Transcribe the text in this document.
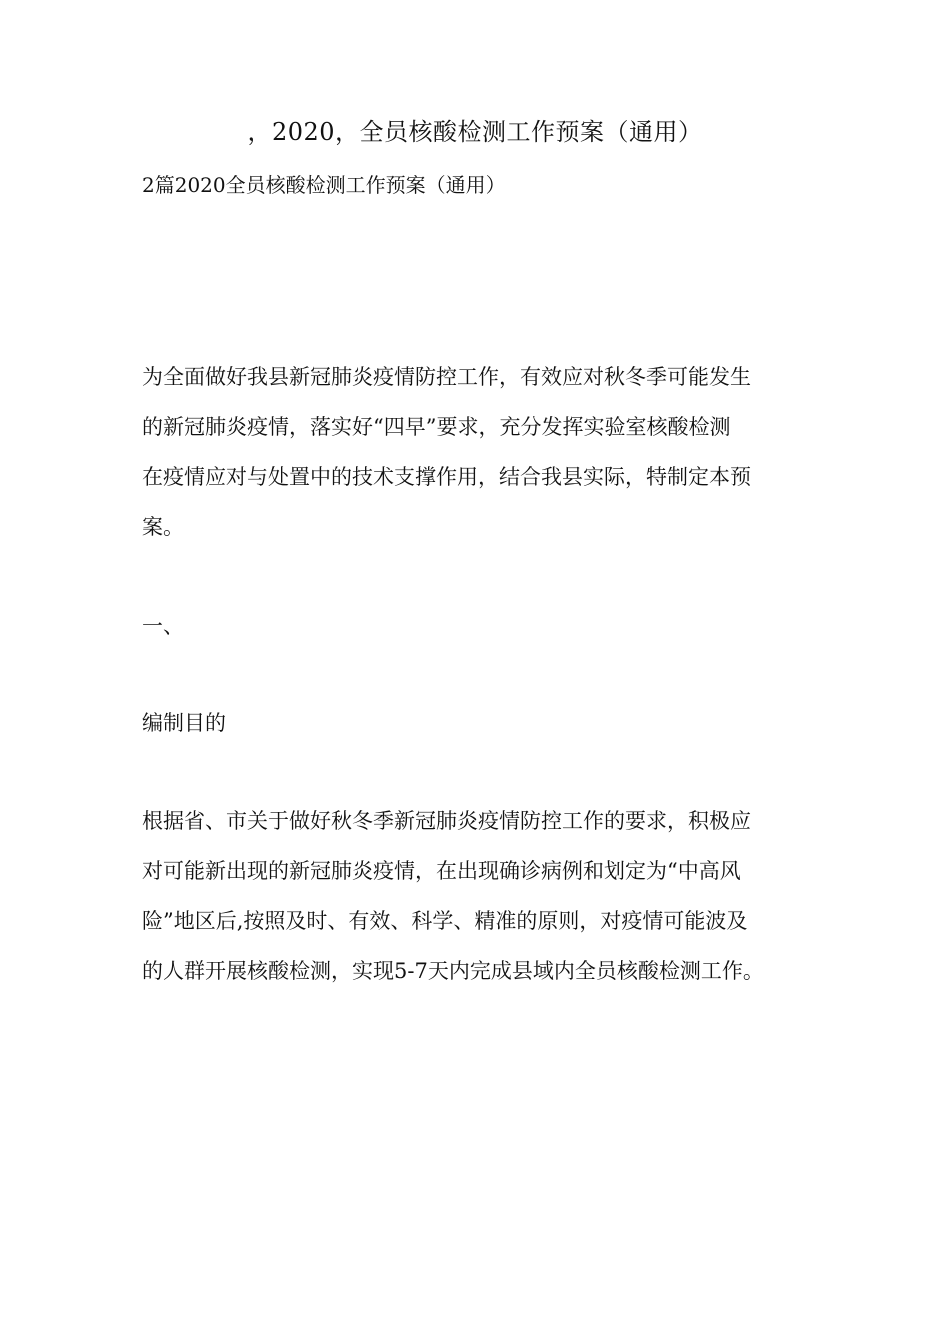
，2020，全员核酸检测工作预案（通用）
2篇2020全员核酸检测工作预案（通用）

为全面做好我县新冠肺炎疫情防控工作，有效应对秋冬季可能发生
的新冠肺炎疫情，落实好“四早”要求，充分发挥实验室核酸检测
在疫情应对与处置中的技术支撑作用，结合我县实际，特制定本预
案。

一、

编制目的

根据省、市关于做好秋冬季新冠肺炎疫情防控工作的要求，积极应
对可能新出现的新冠肺炎疫情，在出现确诊病例和划定为“中高风
险”地区后,按照及时、有效、科学、精准的原则，对疫情可能波及
的人群开展核酸检测，实现5-7天内完成县域内全员核酸检测工作。
